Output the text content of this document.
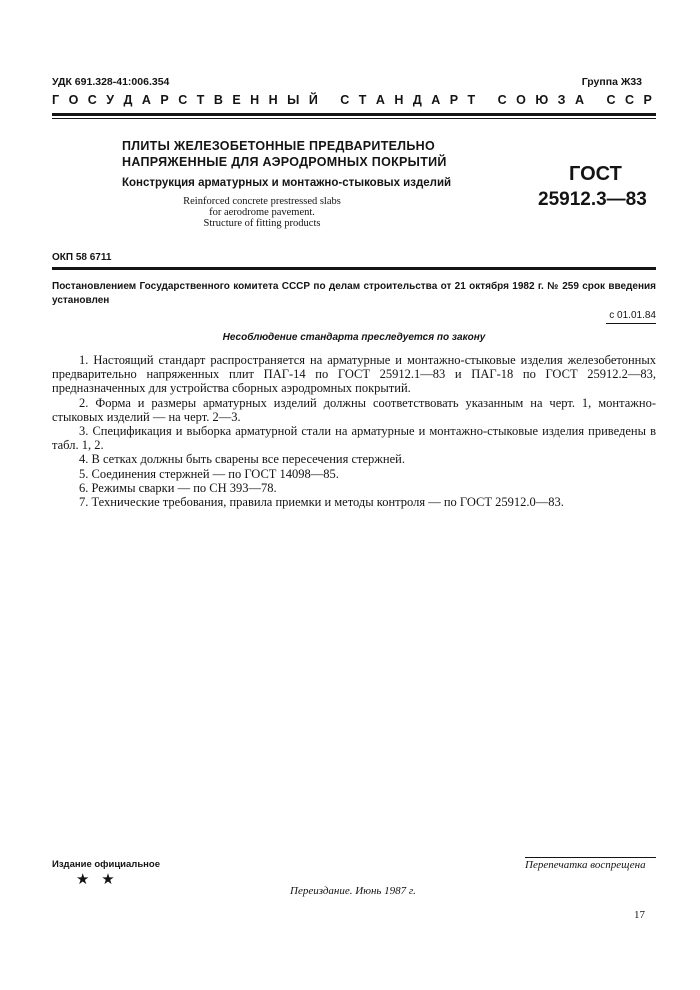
УДК 691.328-41:006.354	Группа Ж33
Г О С У Д А Р С Т В Е Н Н Ы Й
С Т А Н Д А Р Т
С О Ю З А
С С Р
ПЛИТЫ ЖЕЛЕЗОБЕТОННЫЕ ПРЕДВАРИТЕЛЬНО
НАПРЯЖЕННЫЕ ДЛЯ АЭРОДРОМНЫХ ПОКРЫТИЙ
Конструкция арматурных и монтажно-стыковых изделий
Reinforced concrete prestressed slabs
for aerodrome pavement.
Structure of fitting products
ГОСТ
25912.3—83
ОКП 58 6711
Постановлением Государственного комитета СССР по делам строительства от 21 октября 1982 г. № 259 срок введения установлен
с 01.01.84
Несоблюдение стандарта преследуется по закону

1. Настоящий стандарт распространяется на арматурные и монтажно-стыковые изделия железобетонных предварительно напряженных плит ПАГ-14 по ГОСТ 25912.1—83 и ПАГ-18 по ГОСТ 25912.2—83, предназначенных для устройства сборных аэродромных покрытий.

2. Форма и размеры арматурных изделий должны соответствовать указанным на черт. 1, монтажно-стыковых изделий — на черт. 2—3.

3. Спецификация и выборка арматурной стали на арматурные и монтажно-стыковые изделия приведены в табл. 1, 2.

4. В сетках должны быть сварены все пересечения стержней.

5. Соединения стержней — по ГОСТ 14098—85.

6. Режимы сварки — по СН 393—78.

7. Технические требования, правила приемки и методы контроля — по ГОСТ 25912.0—83.

Издание официальное
★ ★
Перепечатка воспрещена
Переиздание. Июнь 1987 г.
17
